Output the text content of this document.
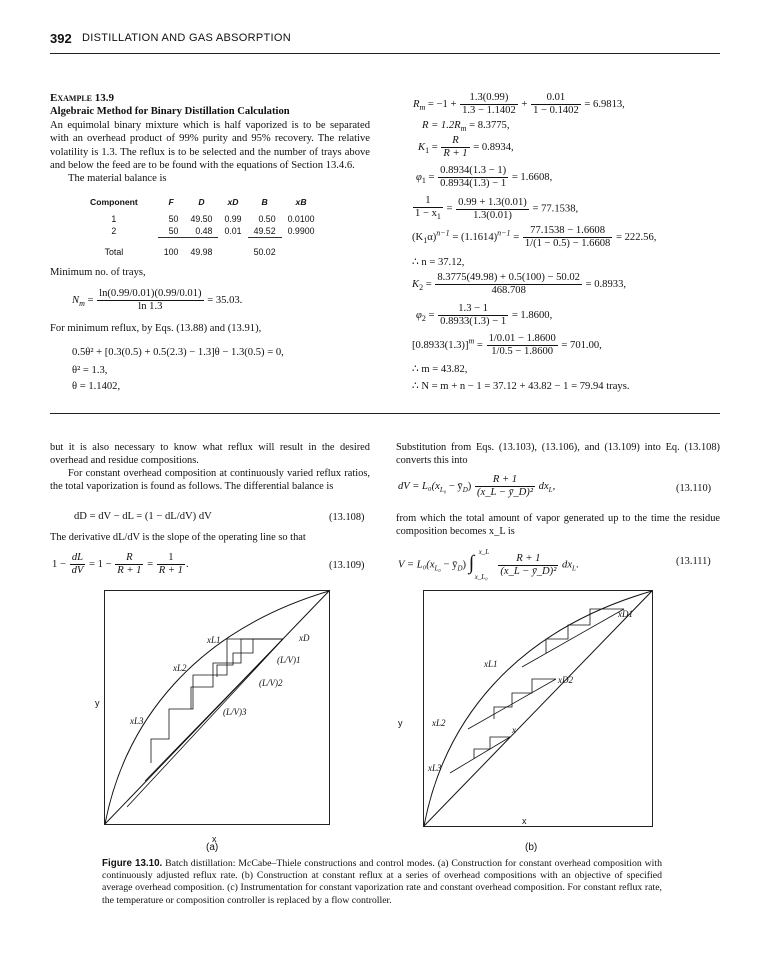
392 DISTILLATION AND GAS ABSORPTION
Example 13.9
Algebraic Method for Binary Distillation Calculation
An equimolal binary mixture which is half vaporized is to be separated with an overhead product of 99% purity and 95% recovery. The relative volatility is 1.3. The reflux is to be selected and the number of trays above and below the feed are to be found with the equations of Section 13.4.6.
The material balance is
Component	F	D	xD	B	xB
1	50	49.50	0.99	0.50	0.0100
2	50	0.48	0.01	49.52	0.9900
Total	100	49.98		50.02	
Minimum no. of trays,
$N_m = \frac{\ln(0.99/0.01)(0.99/0.01)}{\ln 1.3} = 35.03$.
For minimum reflux, by Eqs. (13.88) and (13.91),
0.5θ² + [0.3(0.5) + 0.5(2.3) − 1.3]θ − 1.3(0.5) = 0,
θ² = 1.3,
θ = 1.1402,
$R_m = -1 + \frac{1.3(0.99)}{1.3 - 1.1402} + \frac{0.01}{1 - 0.1402} = 6.9813$,
$R = 1.2R_m = 8.3775$,
$K_1 = \frac{R}{R + 1} = 0.8934$,
$\varphi_1 = \frac{0.8934(1.3 - 1)}{0.8934(1.3) - 1} = 1.6608$,
$\frac{1}{1 - x_1} = \frac{0.99 + 1.3(0.01)}{1.3(0.01)} = 77.1538$,
$(K_1\alpha)^{n-1} = (1.1614)^{n-1} = \frac{77.1538 - 1.6608}{1/(1 - 0.5) - 1.6608} = 222.56$,
∴ n = 37.12,
$K_2 = \frac{8.3775(49.98) + 0.5(100) - 50.02}{468.708} = 0.8933$,
$\varphi_2 = \frac{1.3 - 1}{0.8933(1.3) - 1} = 1.8600$,
$[0.8933(1.3)]^m = \frac{1/0.01 - 1.8600}{1/0.5 - 1.8600} = 701.00$,
∴ m = 43.82,
∴ N = m + n − 1 = 37.12 + 43.82 − 1 = 79.94 trays.
but it is also necessary to know what reflux will result in the desired overhead and residue compositions.
For constant overhead composition at continuously varied reflux ratios, the total vaporization is found as follows. The differential balance is
dD = dV − dL = (1 − dL/dV) dV	(13.108)
The derivative dL/dV is the slope of the operating line so that
$1 - \frac{dL}{dV} = 1 - \frac{R}{R + 1} = \frac{1}{R + 1}$ .	(13.109)
Substitution from Eqs. (13.103), (13.106), and (13.109) into Eq. (13.108) converts this into
dV = $L_0(x_{L_0}$ − $ȳ_D) \frac{R + 1}{\text{(x\_L − ȳ\_D)²}} dx_L$,	(13.110)
from which the total amount of vapor generated up to the time the residue composition becomes x_L is
$V = L_0(x_{L_0}$ − $ȳ_D$) ∫ x_L
x_L₀
$\frac{R + 1}{\text{(x\_L − ȳ\_D)²}} dx_L$.	(13.111)
xL1	xD
(L/V)1
xL2
(L/V)2
(L/V)3
xL3
y
x
(a)
xD1
xL1
xD2
xL2
x
xL3
y
x
(b)
Figure 13.10. Batch distillation: McCabe–Thiele constructions and control modes. (a) Construction for constant overhead composition with continuously adjusted reflux rate. (b) Construction at constant reflux at a series of overhead compositions with an objective of specified average overhead composition. (c) Instrumentation for constant vaporization rate and constant overhead composition. For constant reflux rate, the temperature or composition controller is replaced by a flow controller.
